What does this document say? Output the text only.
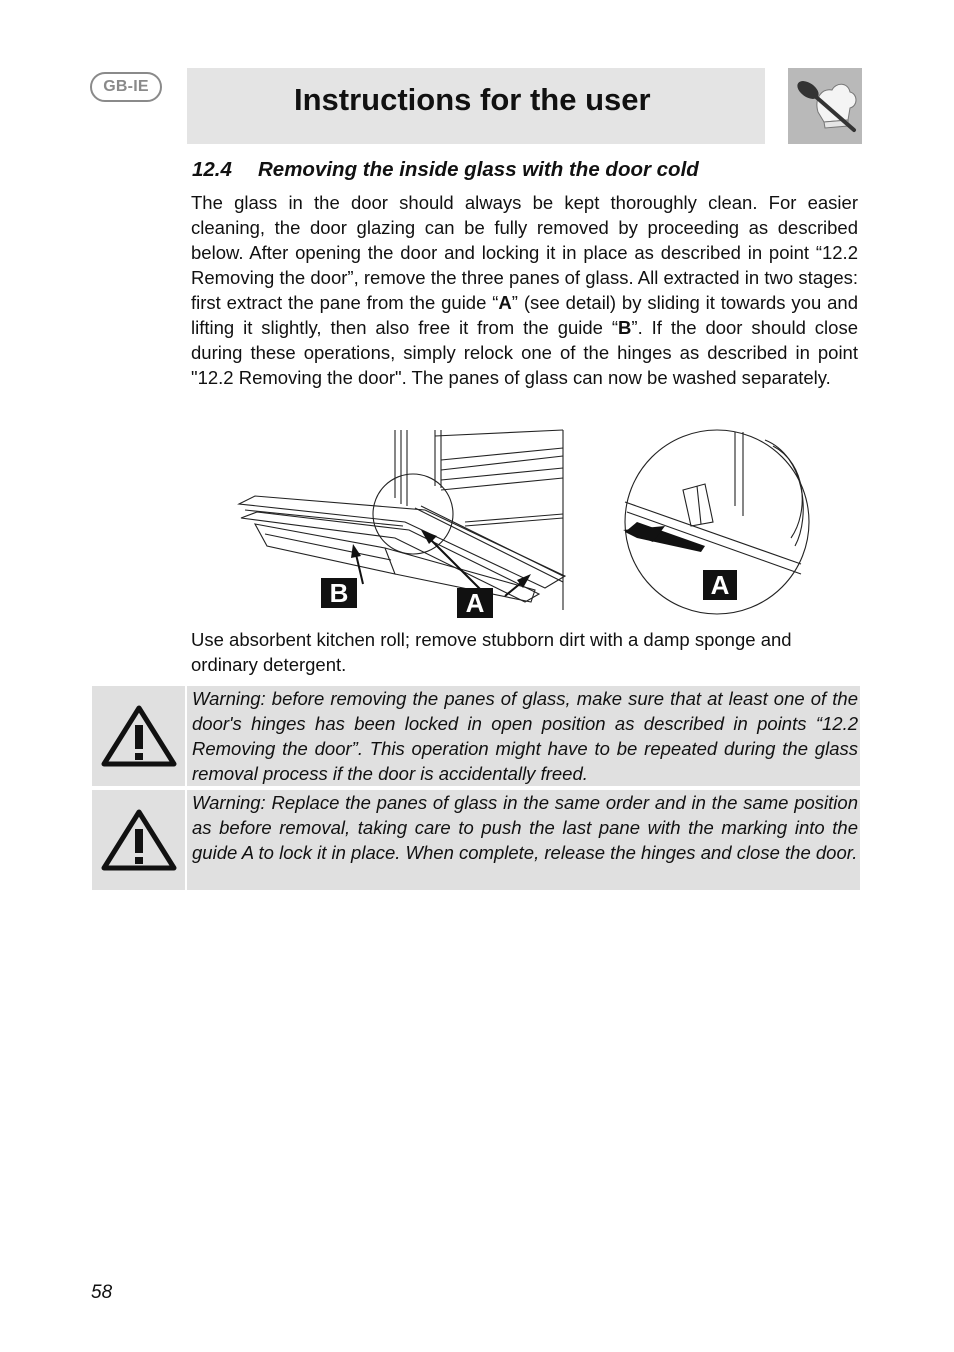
GB-IE	Instructions for the user
12.4 Removing the inside glass with the door cold

The glass in the door should always be kept thoroughly clean. For easier cleaning, the door glazing can be fully removed by proceeding as described below. After opening the door and locking it in place as described in point “12.2 Removing the door”, remove the three panes of glass. All extracted in two stages: first extract the pane from the guide “A” (see detail) by sliding it towards you and lifting it slightly, then also free it from the guide “B”. If the door should close during these operations, simply relock one of the hinges as described in point "12.2 Removing the door". The panes of glass can now be washed separately.

B	A
A

Use absorbent kitchen roll; remove stubborn dirt with a damp sponge and ordinary detergent.

Warning: before removing the panes of glass, make sure that at least one of the door's hinges has been locked in open position as described in points “12.2 Removing the door”. This operation might have to be repeated during the glass removal process if the door is accidentally freed.

Warning: Replace the panes of glass in the same order and in the same position as before removal, taking care to push the last pane with the marking into the guide A to lock it in place. When complete, release the hinges and close the door.

58
